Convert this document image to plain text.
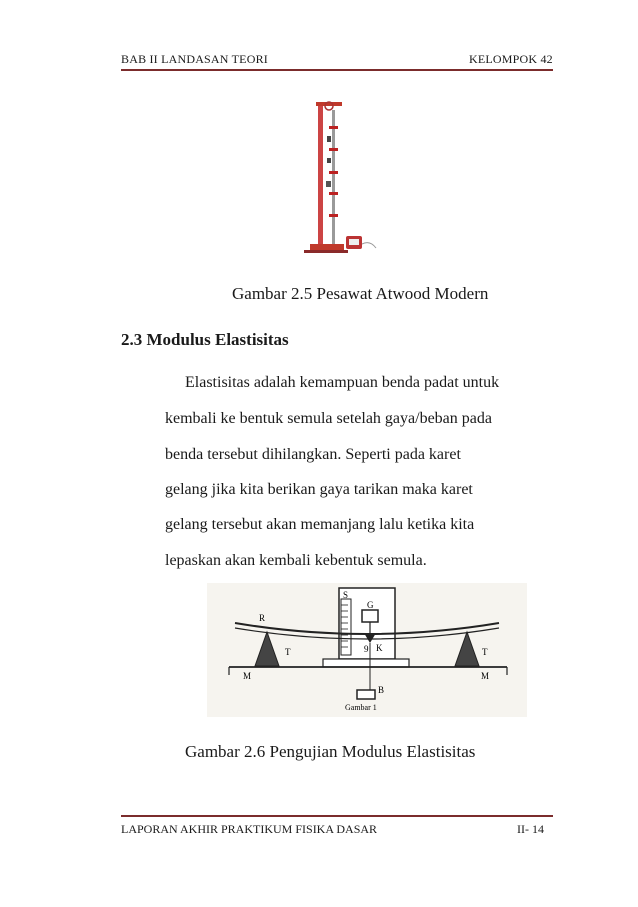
BAB II LANDASAN TEORI	KELOMPOK 42
Gambar 2.5 Pesawat Atwood Modern
2.3 Modulus Elastisitas
Elastisitas adalah kemampuan benda padat untuk
kembali ke bentuk semula setelah gaya/beban pada
benda tersebut dihilangkan. Seperti pada karet
gelang jika kita berikan gaya tarikan maka karet
gelang tersebut akan memanjang lalu ketika kita
lepaskan akan kembali kebentuk semula.
S
G
9 K
R
T	T
M	M
B
Gambar 1
Gambar 2.6 Pengujian Modulus Elastisitas
LAPORAN AKHIR PRAKTIKUM FISIKA DASAR	II- 14
